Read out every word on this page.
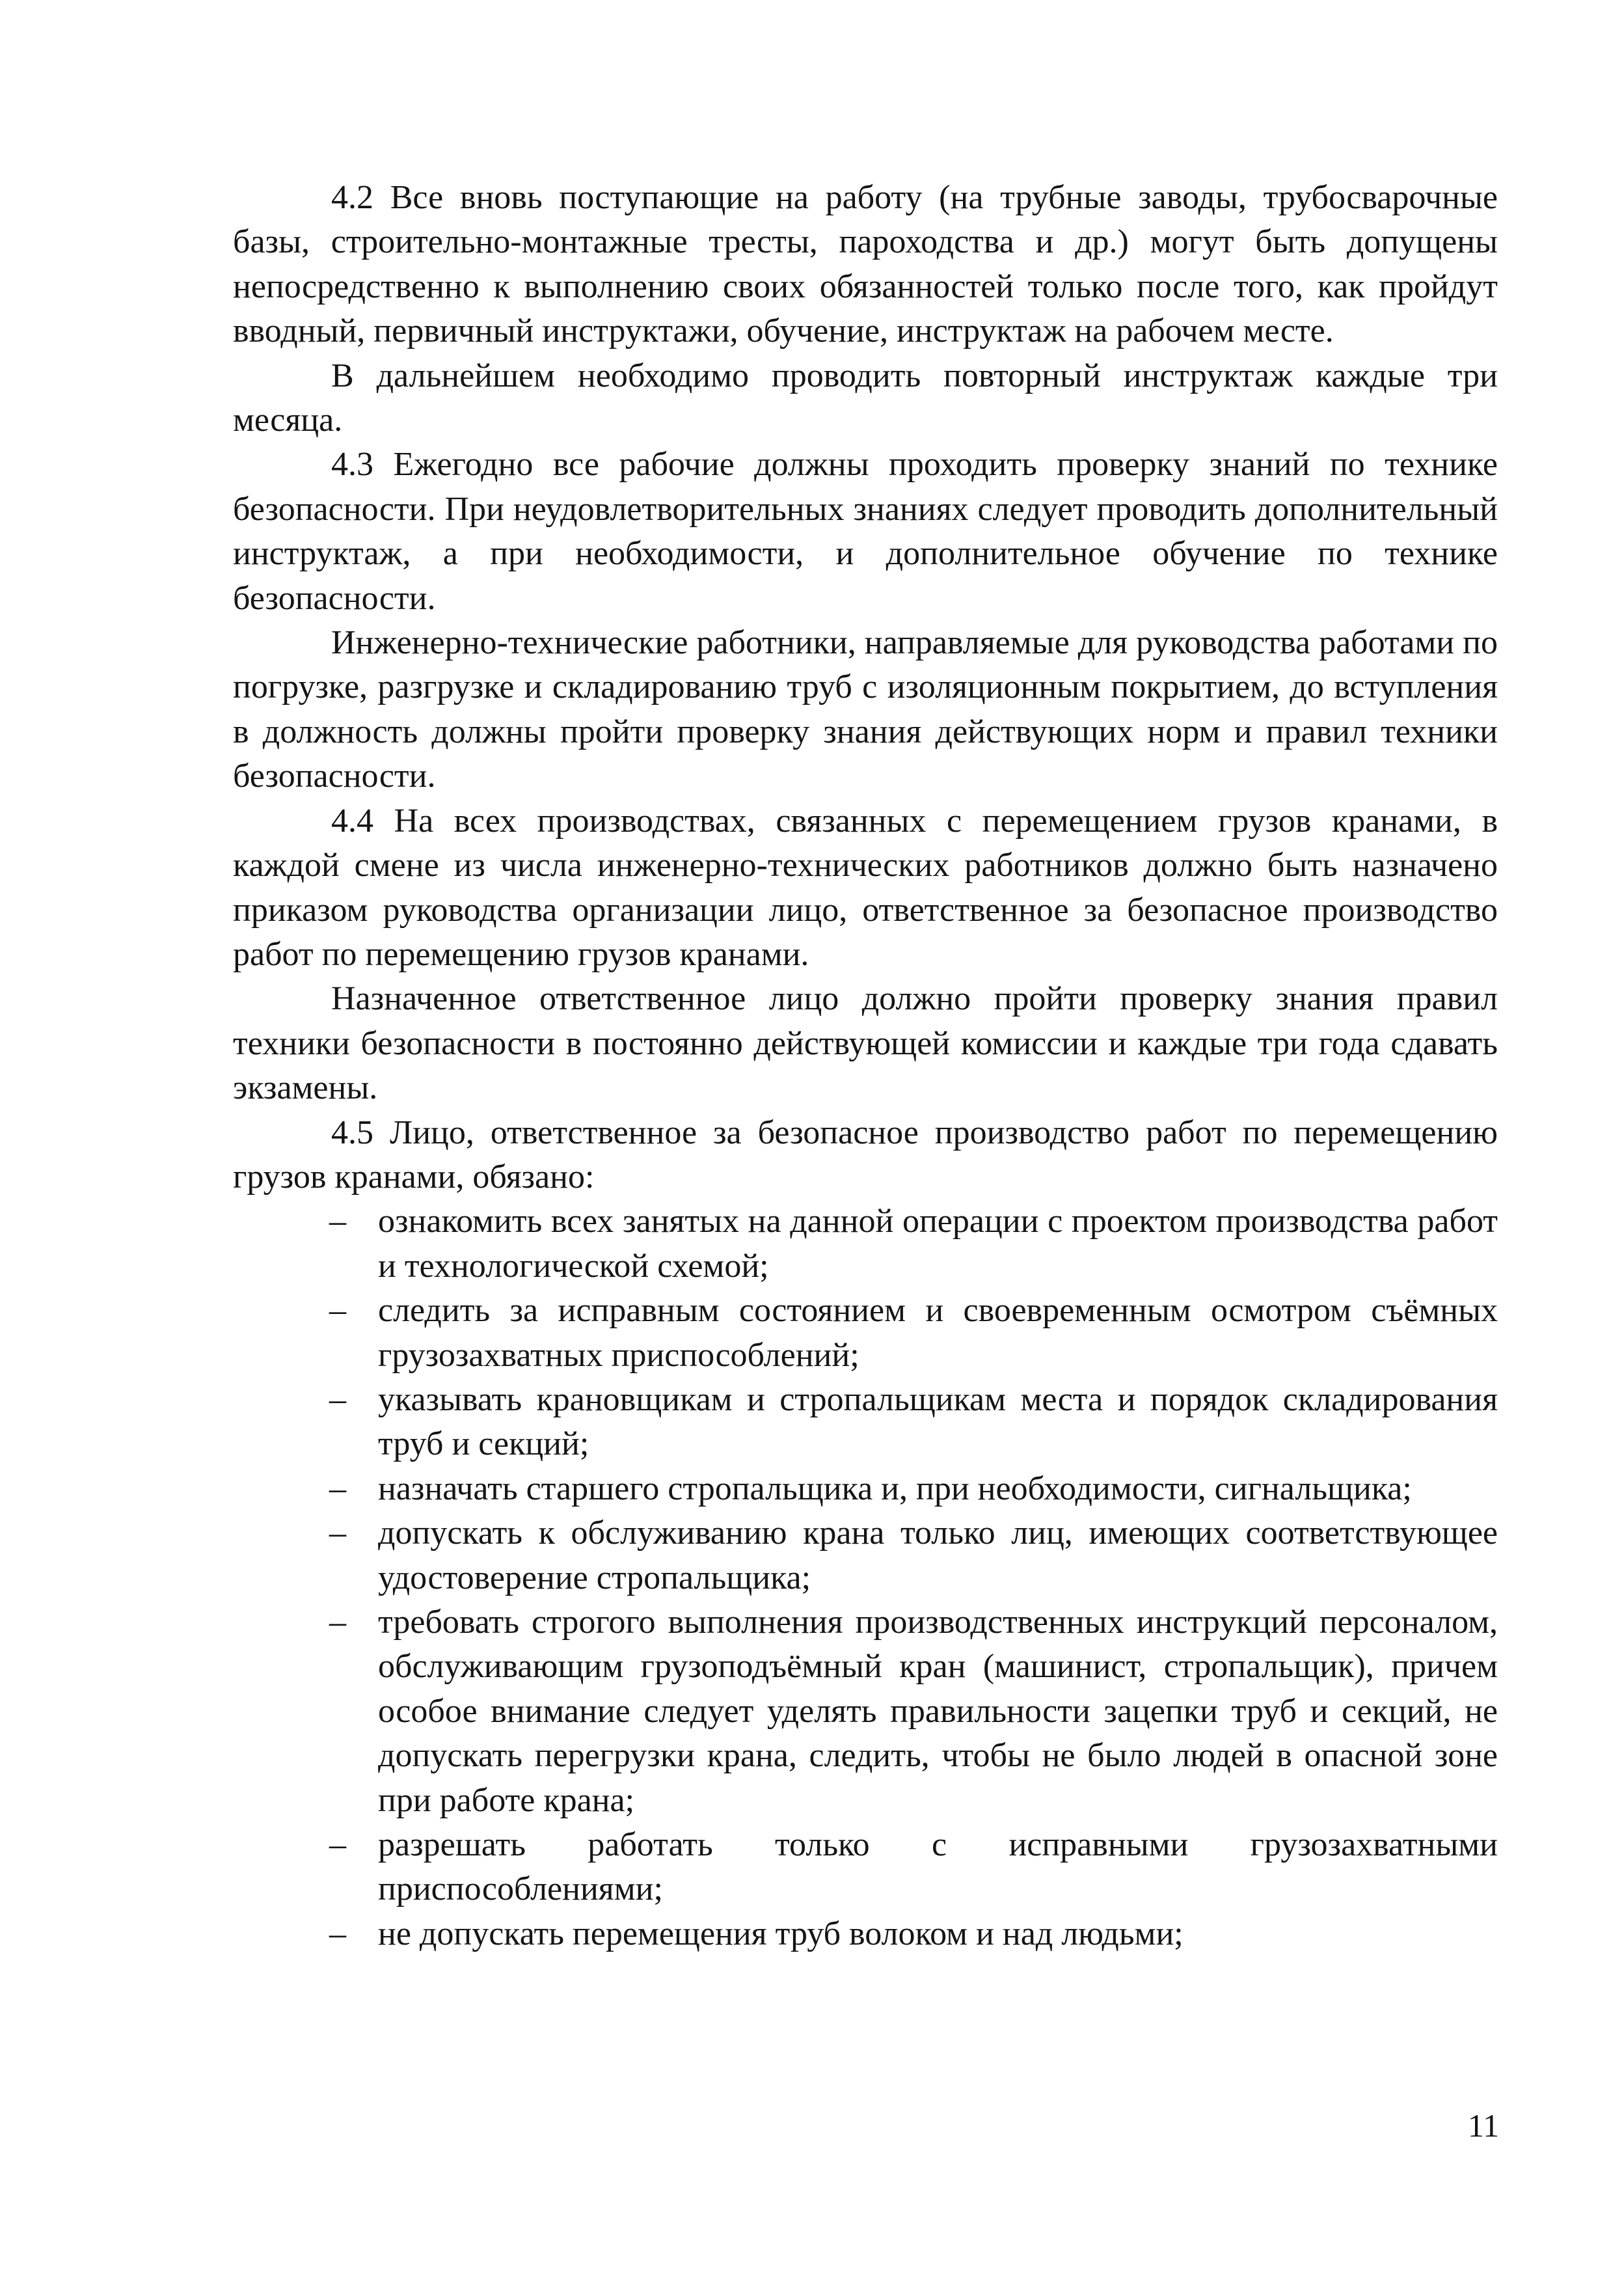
4.2 Все вновь поступающие на работу (на трубные заводы, трубосварочные базы, строительно-монтажные тресты, пароходства и др.) могут быть допущены непосредственно к выполнению своих обязанностей только после того, как пройдут вводный, первичный инструктажи, обучение, инструктаж на рабочем месте.

В дальнейшем необходимо проводить повторный инструктаж каждые три месяца.

4.3 Ежегодно все рабочие должны проходить проверку знаний по технике безопасности. При неудовлетворительных знаниях следует проводить дополнительный инструктаж, а при необходимости, и дополнительное обучение по технике безопасности.

Инженерно-технические работники, направляемые для руководства работами по погрузке, разгрузке и складированию труб с изоляционным покрытием, до вступления в должность должны пройти проверку знания действующих норм и правил техники безопасности.

4.4 На всех производствах, связанных с перемещением грузов кранами, в каждой смене из числа инженерно-технических работников должно быть назначено приказом руководства организации лицо, ответственное за безопасное производство работ по перемещению грузов кранами.

Назначенное ответственное лицо должно пройти проверку знания правил техники безопасности в постоянно действующей комиссии и каждые три года сдавать экзамены.

4.5 Лицо, ответственное за безопасное производство работ по перемещению грузов кранами, обязано:

– ознакомить всех занятых на данной операции с проектом производства работ и технологической схемой;
– следить за исправным состоянием и своевременным осмотром съёмных грузозахватных приспособлений;
– указывать крановщикам и стропальщикам места и порядок складирования труб и секций;
– назначать старшего стропальщика и, при необходимости, сигнальщика;
– допускать к обслуживанию крана только лиц, имеющих соответствующее удостоверение стропальщика;
– требовать строгого выполнения производственных инструкций персоналом, обслуживающим грузоподъёмный кран (машинист, стропальщик), причем особое внимание следует уделять правильности зацепки труб и секций, не допускать перегрузки крана, следить, чтобы не было людей в опасной зоне при работе крана;
– разрешать работать только с исправными грузозахватными приспособлениями;
– не допускать перемещения труб волоком и над людьми;
11
